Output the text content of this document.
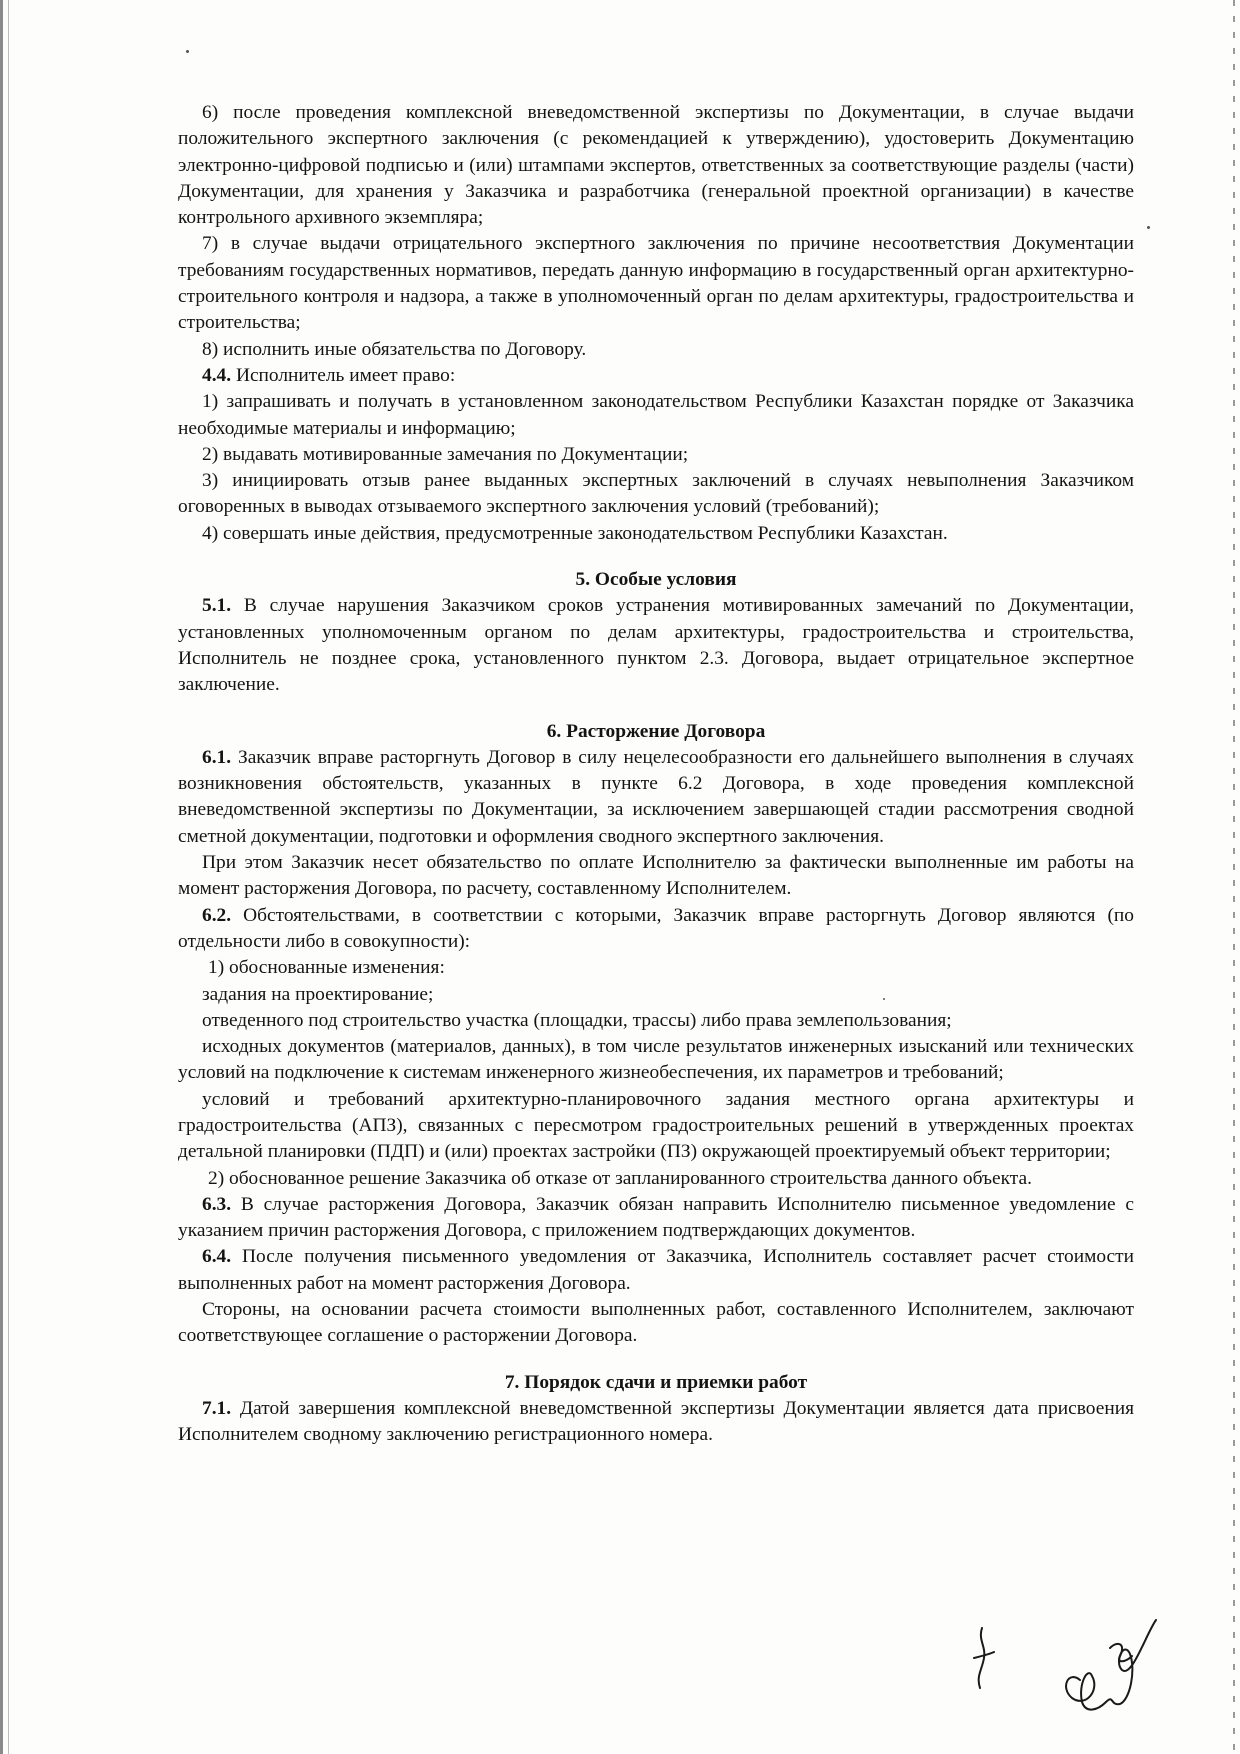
6) после проведения комплексной вневедомственной экспертизы по Документации, в случае выдачи положительного экспертного заключения (с рекомендацией к утверждению), удостоверить Документацию электронно-цифровой подписью и (или) штампами экспертов, ответственных за соответствующие разделы (части) Документации, для хранения у Заказчика и разработчика (генеральной проектной организации) в качестве контрольного архивного экземпляра;

7) в случае выдачи отрицательного экспертного заключения по причине несоответствия Документации требованиям государственных нормативов, передать данную информацию в государственный орган архитектурно-строительного контроля и надзора, а также в уполномоченный орган по делам архитектуры, градостроительства и строительства;

8) исполнить иные обязательства по Договору.

4.4. Исполнитель имеет право:

1) запрашивать и получать в установленном законодательством Республики Казахстан порядке от Заказчика необходимые материалы и информацию;

2) выдавать мотивированные замечания по Документации;

3) инициировать отзыв ранее выданных экспертных заключений в случаях невыполнения Заказчиком оговоренных в выводах отзываемого экспертного заключения условий (требований);

4) совершать иные действия, предусмотренные законодательством Республики Казахстан.

5. Особые условия

5.1. В случае нарушения Заказчиком сроков устранения мотивированных замечаний по Документации, установленных уполномоченным органом по делам архитектуры, градостроительства и строительства, Исполнитель не позднее срока, установленного пунктом 2.3. Договора, выдает отрицательное экспертное заключение.

6. Расторжение Договора

6.1. Заказчик вправе расторгнуть Договор в силу нецелесообразности его дальнейшего выполнения в случаях возникновения обстоятельств, указанных в пункте 6.2 Договора, в ходе проведения комплексной вневедомственной экспертизы по Документации, за исключением завершающей стадии рассмотрения сводной сметной документации, подготовки и оформления сводного экспертного заключения.

При этом Заказчик несет обязательство по оплате Исполнителю за фактически выполненные им работы на момент расторжения Договора, по расчету, составленному Исполнителем.

6.2. Обстоятельствами, в соответствии с которыми, Заказчик вправе расторгнуть Договор являются (по отдельности либо в совокупности):

1) обоснованные изменения:

задания на проектирование;

отведенного под строительство участка (площадки, трассы) либо права землепользования;

исходных документов (материалов, данных), в том числе результатов инженерных изысканий или технических условий на подключение к системам инженерного жизнеобеспечения, их параметров и требований;

условий и требований архитектурно-планировочного задания местного органа архитектуры и градостроительства (АПЗ), связанных с пересмотром градостроительных решений в утвержденных проектах детальной планировки (ПДП) и (или) проектах застройки (ПЗ) окружающей проектируемый объект территории;

2) обоснованное решение Заказчика об отказе от запланированного строительства данного объекта.

6.3. В случае расторжения Договора, Заказчик обязан направить Исполнителю письменное уведомление с указанием причин расторжения Договора, с приложением подтверждающих документов.

6.4. После получения письменного уведомления от Заказчика, Исполнитель составляет расчет стоимости выполненных работ на момент расторжения Договора.

Стороны, на основании расчета стоимости выполненных работ, составленного Исполнителем, заключают соответствующее соглашение о расторжении Договора.

7. Порядок сдачи и приемки работ

7.1. Датой завершения комплексной вневедомственной экспертизы Документации является дата присвоения Исполнителем сводному заключению регистрационного номера.
